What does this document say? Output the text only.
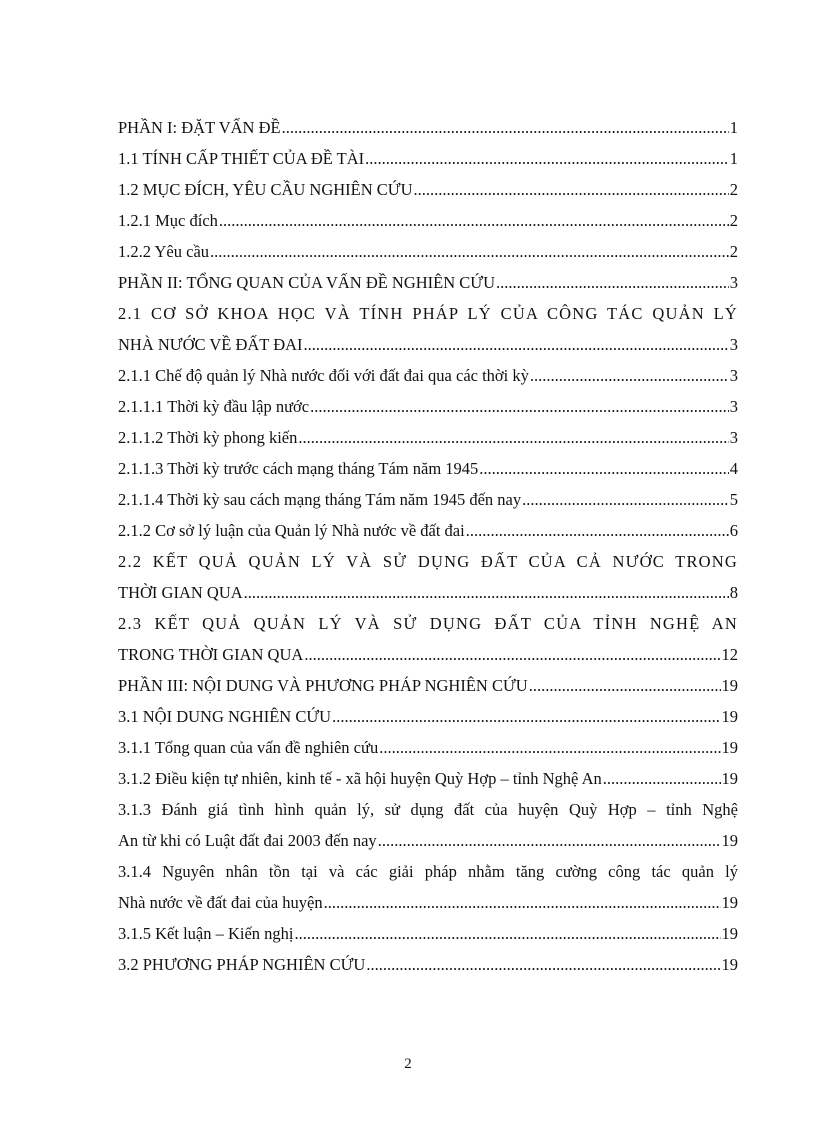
PHẦN I: ĐẶT VẤN ĐỀ .....	1
1.1 TÍNH CẤP THIẾT CỦA ĐỀ TÀI .....	1
1.2 MỤC ĐÍCH, YÊU CẦU NGHIÊN CỨU .....	2
1.2.1 Mục đích .....	2
1.2.2 Yêu cầu .....	2
PHẦN II: TỔNG QUAN CỦA VẤN ĐỀ NGHIÊN CỨU .....	3
2.1 CƠ SỞ KHOA HỌC VÀ TÍNH PHÁP LÝ CỦA CÔNG TÁC QUẢN LÝ
NHÀ NƯỚC VỀ ĐẤT ĐAI .....	3
2.1.1 Chế độ quản lý Nhà nước đối với đất đai qua các thời kỳ .....	3
2.1.1.1 Thời kỳ đầu lập nước .....	3
2.1.1.2 Thời kỳ phong kiến .....	3
2.1.1.3 Thời kỳ trước cách mạng tháng Tám năm 1945 .....	4
2.1.1.4 Thời kỳ sau cách mạng tháng Tám năm 1945 đến nay .....	5
2.1.2 Cơ sở lý luận của Quản lý Nhà nước về đất đai .....	6
2.2 KẾT QUẢ QUẢN LÝ VÀ SỬ DỤNG ĐẤT CỦA CẢ NƯỚC TRONG
THỜI GIAN QUA .....	8
2.3 KẾT QUẢ QUẢN LÝ VÀ SỬ DỤNG ĐẤT CỦA TỈNH NGHỆ AN
TRONG THỜI GIAN QUA .....	12
PHẦN III: NỘI DUNG VÀ PHƯƠNG PHÁP NGHIÊN CỨU .....	19
3.1 NỘI DUNG NGHIÊN CỨU .....	19
3.1.1 Tổng quan của vấn đề nghiên cứu .....	19
3.1.2 Điều kiện tự nhiên, kinh tế - xã hội huyện Quỳ Hợp – tỉnh Nghệ An .....	19
3.1.3 Đánh giá tình hình quản lý, sử dụng đất của huyện Quỳ Hợp – tỉnh Nghệ
An từ khi có Luật đất đai 2003 đến nay .....	19
3.1.4 Nguyên nhân tồn tại và các giải pháp nhằm tăng cường công tác quản lý
Nhà nước về đất đai của huyện .....	19
3.1.5 Kết luận – Kiến nghị .....	19
3.2 PHƯƠNG PHÁP NGHIÊN CỨU .....	19
2
